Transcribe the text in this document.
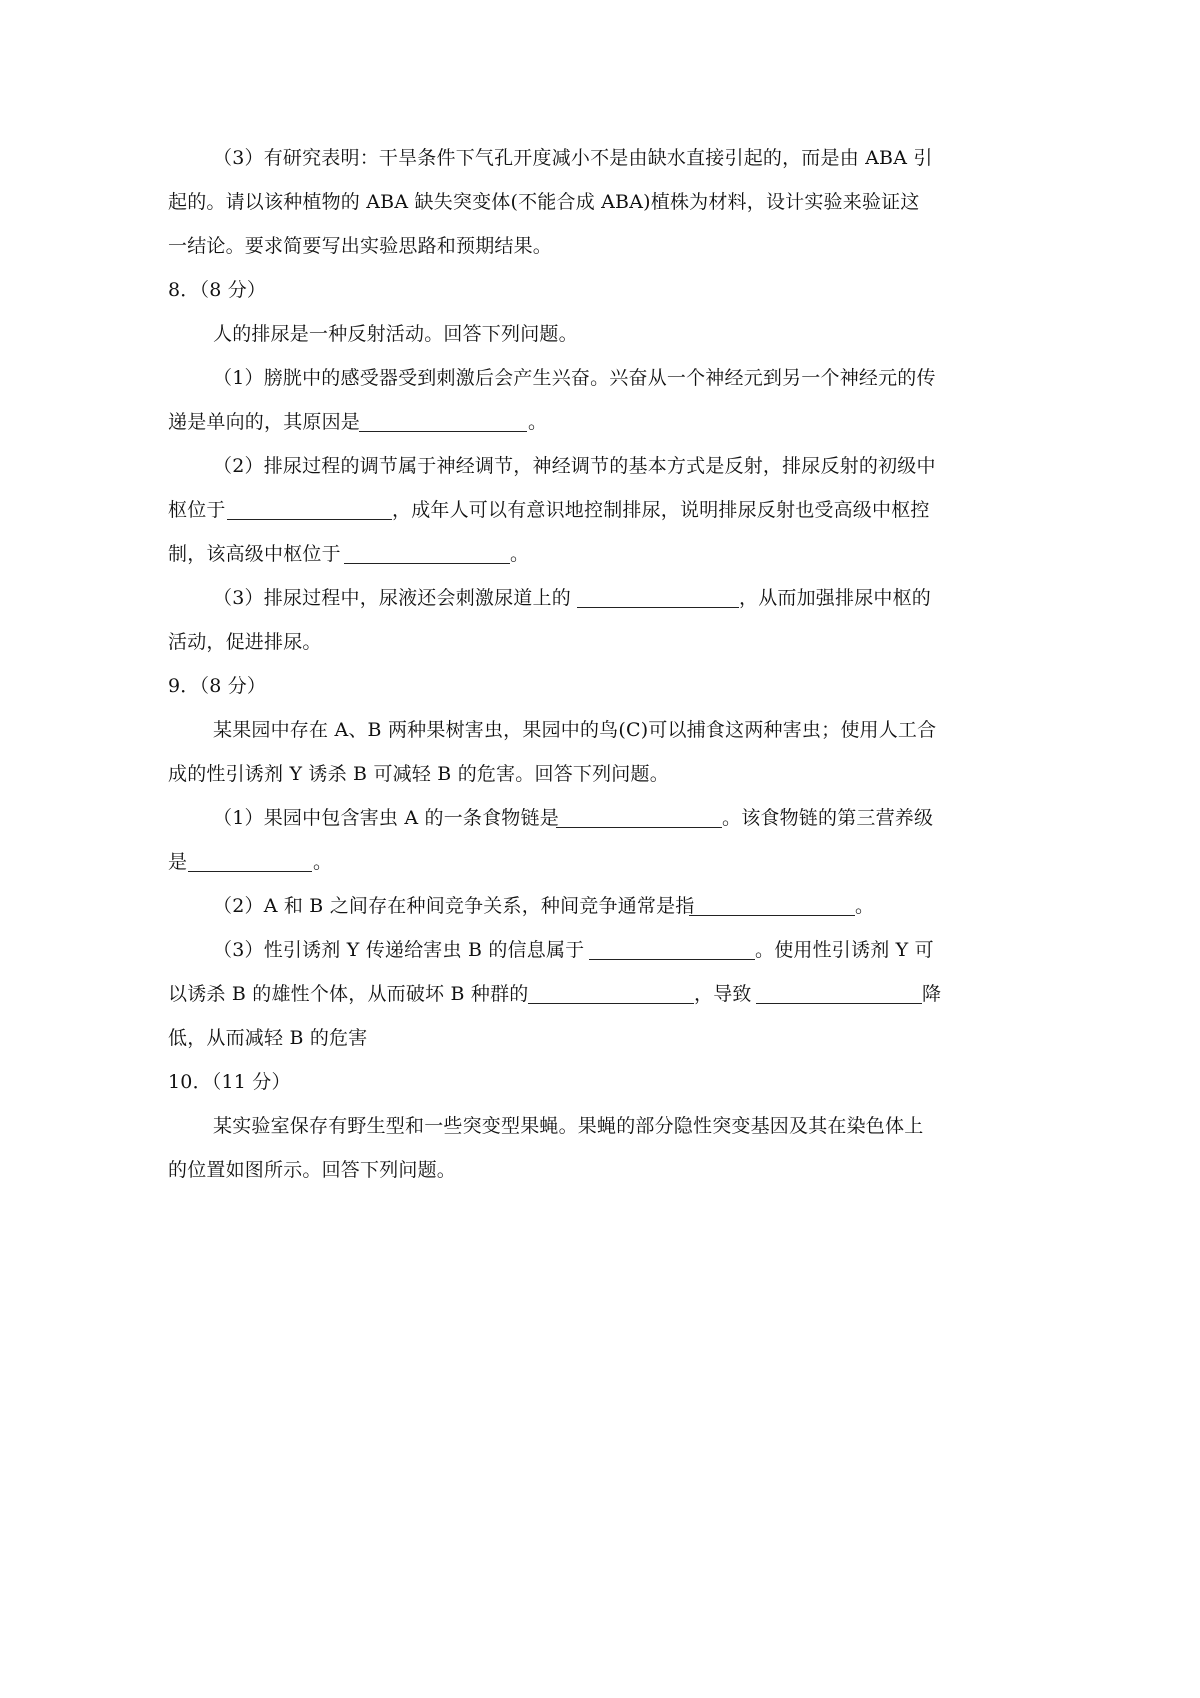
（3）有研究表明：干旱条件下气孔开度减小不是由缺水直接引起的，而是由 ABA 引
起的。请以该种植物的 ABA 缺失突变体(不能合成 ABA)植株为材料，设计实验来验证这
一结论。要求简要写出实验思路和预期结果。
8．（8 分）
人的排尿是一种反射活动。回答下列问题。
（1）膀胱中的感受器受到刺激后会产生兴奋。兴奋从一个神经元到另一个神经元的传
递是单向的，其原因是	。
（2）排尿过程的调节属于神经调节，神经调节的基本方式是反射，排尿反射的初级中
枢位于	，成年人可以有意识地控制排尿，说明排尿反射也受高级中枢控
制，该高级中枢位于	。
（3）排尿过程中，尿液还会刺激尿道上的	，从而加强排尿中枢的
活动，促进排尿。
9．（8 分）
某果园中存在 A、B 两种果树害虫，果园中的鸟(C)可以捕食这两种害虫；使用人工合
成的性引诱剂 Y 诱杀 B 可减轻 B 的危害。回答下列问题。
（1）果园中包含害虫 A 的一条食物链是	。该食物链的第三营养级
是	。
（2）A 和 B 之间存在种间竞争关系，种间竞争通常是指	。
（3）性引诱剂 Y 传递给害虫 B 的信息属于	。使用性引诱剂 Y 可
以诱杀 B 的雄性个体，从而破坏 B 种群的	，导致	降
低，从而减轻 B 的危害
10．（11 分）
某实验室保存有野生型和一些突变型果蝇。果蝇的部分隐性突变基因及其在染色体上
的位置如图所示。回答下列问题。
